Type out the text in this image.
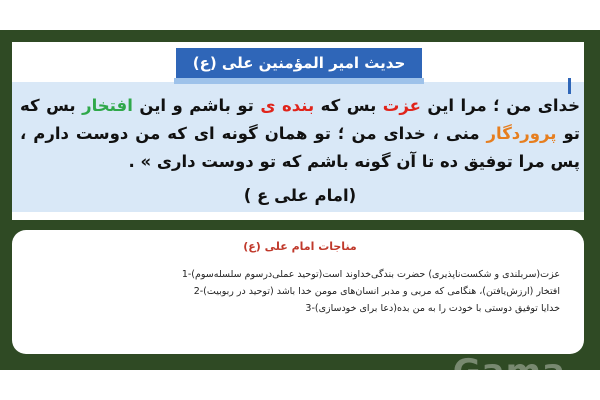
حدیث امیر المؤمنین علی (ع)
خدای من ؛ مرا این عزت بس که بنده ی تو باشم و این افتخار بس که تو پروردگار منی ، خدای من ؛ تو همان گونه ای که من دوست دارم ، پس مرا توفیق ده تا آن گونه باشم که تو دوست داری » .
(امام علی ع )
مناجات امام علی (ع)
عزت(سربلندی و شکست‌ناپذیری) حضرت بندگی‌خداوند است(توحید عملی‌درسوم سلسله‌سوم)-1
افتخار (ارزش‌یافتن)، هنگامی که مربی و مدبر انسان‌های مومن خدا باشد (توحید در ربوبیت)-2
خدایا توفیق دوستی با خودت را به من بده(دعا برای خودسازی)-3
Gama
